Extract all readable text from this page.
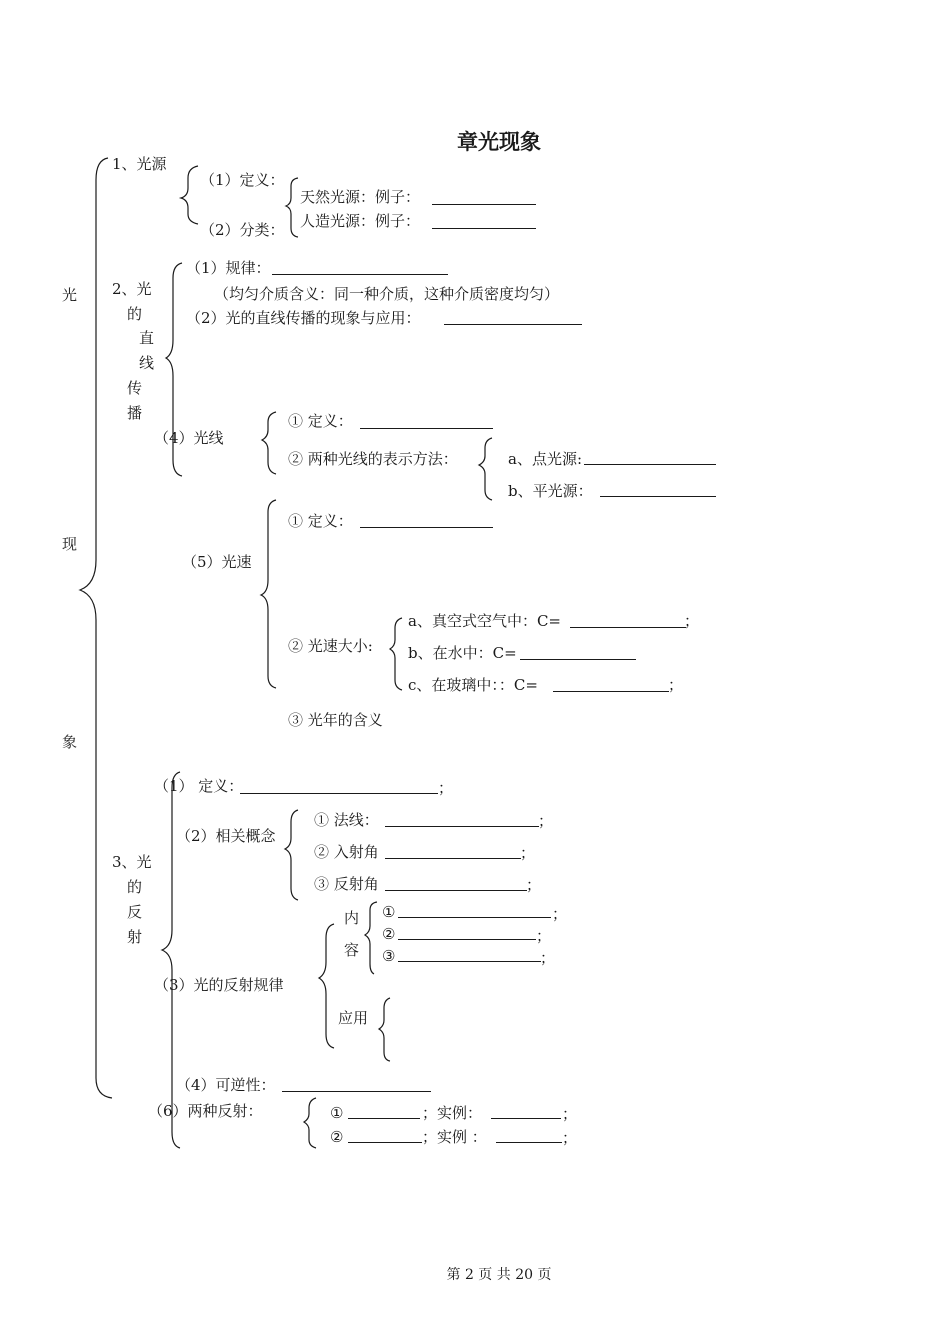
章光现象
第 2 页 共 20 页
光
现
象
1、光源
（1）定义：
（2）分类：
天然光源：例子：
人造光源：例子：
2、光
的
直
线
传
播
（1）规律：
（均匀介质含义：同一种介质，这种介质密度均匀）
（2）光的直线传播的现象与应用：
（4）光线
① 定义：
② 两种光线的表示方法：	a、点光源:
b、平光源：
（5）光速
① 定义：
② 光速大小:
a、真空式空气中：C=	；
b、在水中：C=
c、在玻璃中：：C=	；
③ 光年的含义
3、光
的
反
射
（1） 定义：	；
（2）相关概念
① 法线：	；
② 入射角	；
③ 反射角	；
（3）光的反射规律
内
容
①	；
②	；
③	；
应用
（4）可逆性：
（6）两种反射：	①	；实例：	；
②	；实例 ：	；
